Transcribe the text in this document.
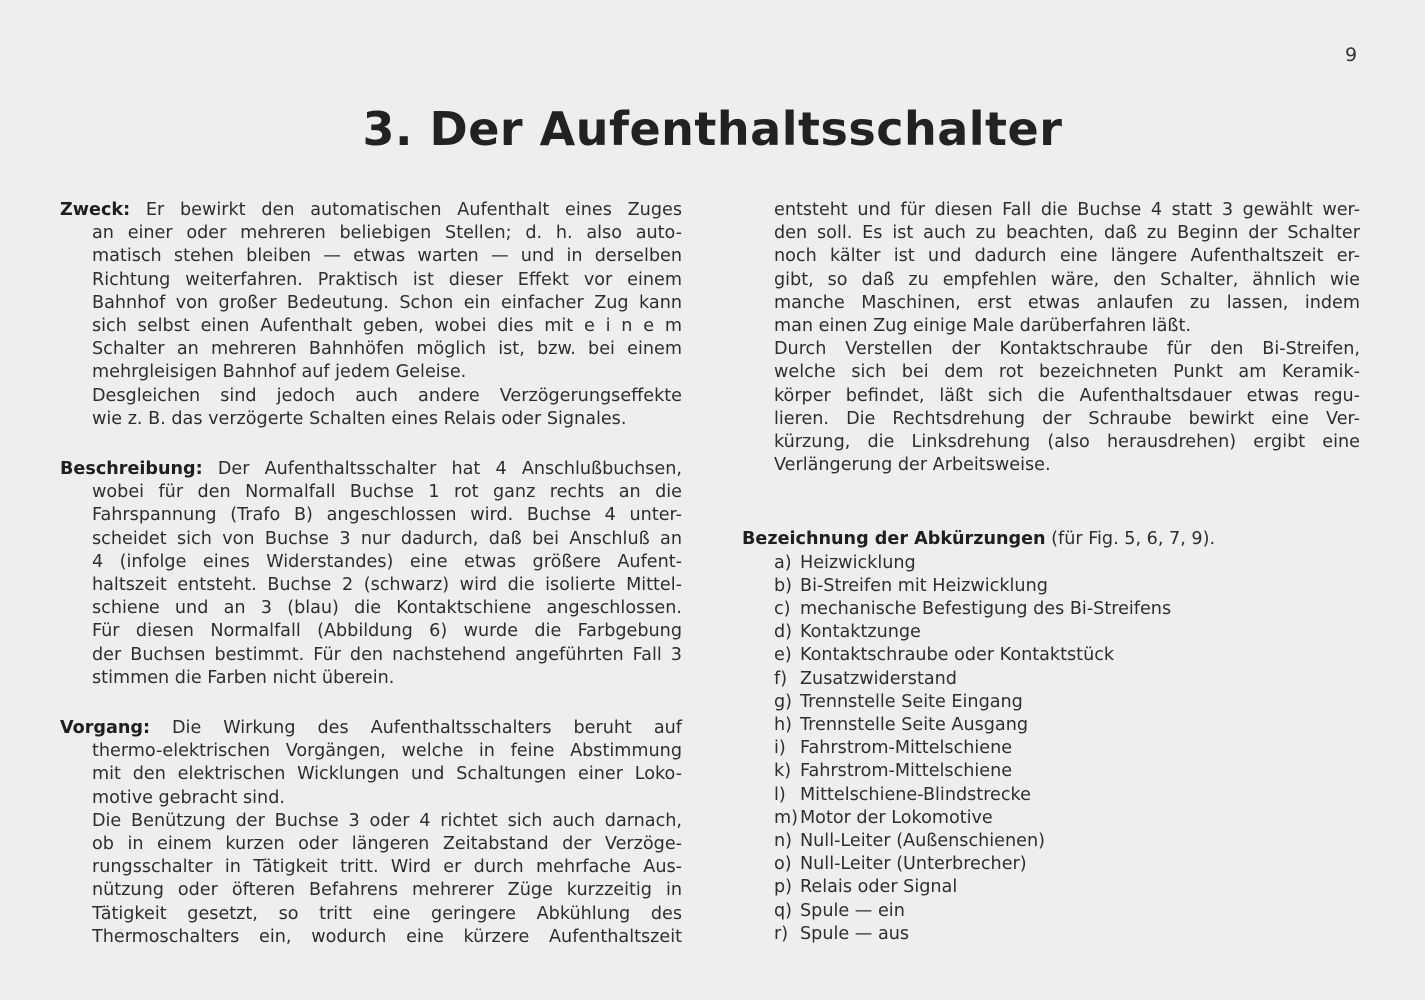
9
3. Der Aufenthaltsschalter

Zweck: Er bewirkt den automatischen Aufenthalt eines Zuges

an einer oder mehreren beliebigen Stellen; d. h. also auto-

matisch stehen bleiben — etwas warten — und in derselben

Richtung weiterfahren. Praktisch ist dieser Effekt vor einem

Bahnhof von großer Bedeutung. Schon ein einfacher Zug kann

sich selbst einen Aufenthalt geben, wobei dies mit e i n e m

Schalter an mehreren Bahnhöfen möglich ist, bzw. bei einem

mehrgleisigen Bahnhof auf jedem Geleise.

Desgleichen sind jedoch auch andere Verzögerungseffekte

wie z. B. das verzögerte Schalten eines Relais oder Signales.

Beschreibung: Der Aufenthaltsschalter hat 4 Anschlußbuchsen,

wobei für den Normalfall Buchse 1 rot ganz rechts an die

Fahrspannung (Trafo B) angeschlossen wird. Buchse 4 unter-

scheidet sich von Buchse 3 nur dadurch, daß bei Anschluß an

4 (infolge eines Widerstandes) eine etwas größere Aufent-

haltszeit entsteht. Buchse 2 (schwarz) wird die isolierte Mittel-

schiene und an 3 (blau) die Kontaktschiene angeschlossen.

Für diesen Normalfall (Abbildung 6) wurde die Farbgebung

der Buchsen bestimmt. Für den nachstehend angeführten Fall 3

stimmen die Farben nicht überein.

Vorgang: Die Wirkung des Aufenthaltsschalters beruht auf

thermo-elektrischen Vorgängen, welche in feine Abstimmung

mit den elektrischen Wicklungen und Schaltungen einer Loko-

motive gebracht sind.

Die Benützung der Buchse 3 oder 4 richtet sich auch darnach,

ob in einem kurzen oder längeren Zeitabstand der Verzöge-

rungsschalter in Tätigkeit tritt. Wird er durch mehrfache Aus-

nützung oder öfteren Befahrens mehrerer Züge kurzzeitig in

Tätigkeit gesetzt, so tritt eine geringere Abkühlung des

Thermoschalters ein, wodurch eine kürzere Aufenthaltszeit

entsteht und für diesen Fall die Buchse 4 statt 3 gewählt wer-

den soll. Es ist auch zu beachten, daß zu Beginn der Schalter

noch kälter ist und dadurch eine längere Aufenthaltszeit er-

gibt, so daß zu empfehlen wäre, den Schalter, ähnlich wie

manche Maschinen, erst etwas anlaufen zu lassen, indem

man einen Zug einige Male darüberfahren läßt.

Durch Verstellen der Kontaktschraube für den Bi-Streifen,

welche sich bei dem rot bezeichneten Punkt am Keramik-

körper befindet, läßt sich die Aufenthaltsdauer etwas regu-

lieren. Die Rechtsdrehung der Schraube bewirkt eine Ver-

kürzung, die Linksdrehung (also herausdrehen) ergibt eine

Verlängerung der Arbeitsweise.

Bezeichnung der Abkürzungen (für Fig. 5, 6, 7, 9).

a) Heizwicklung
b) Bi-Streifen mit Heizwicklung
c) mechanische Befestigung des Bi-Streifens
d) Kontaktzunge
e) Kontaktschraube oder Kontaktstück
f) Zusatzwiderstand
g) Trennstelle Seite Eingang
h) Trennstelle Seite Ausgang
i) Fahrstrom-Mittelschiene
k) Fahrstrom-Mittelschiene
l) Mittelschiene-Blindstrecke
m) Motor der Lokomotive
n) Null-Leiter (Außenschienen)
o) Null-Leiter (Unterbrecher)
p) Relais oder Signal
q) Spule — ein
r) Spule — aus
